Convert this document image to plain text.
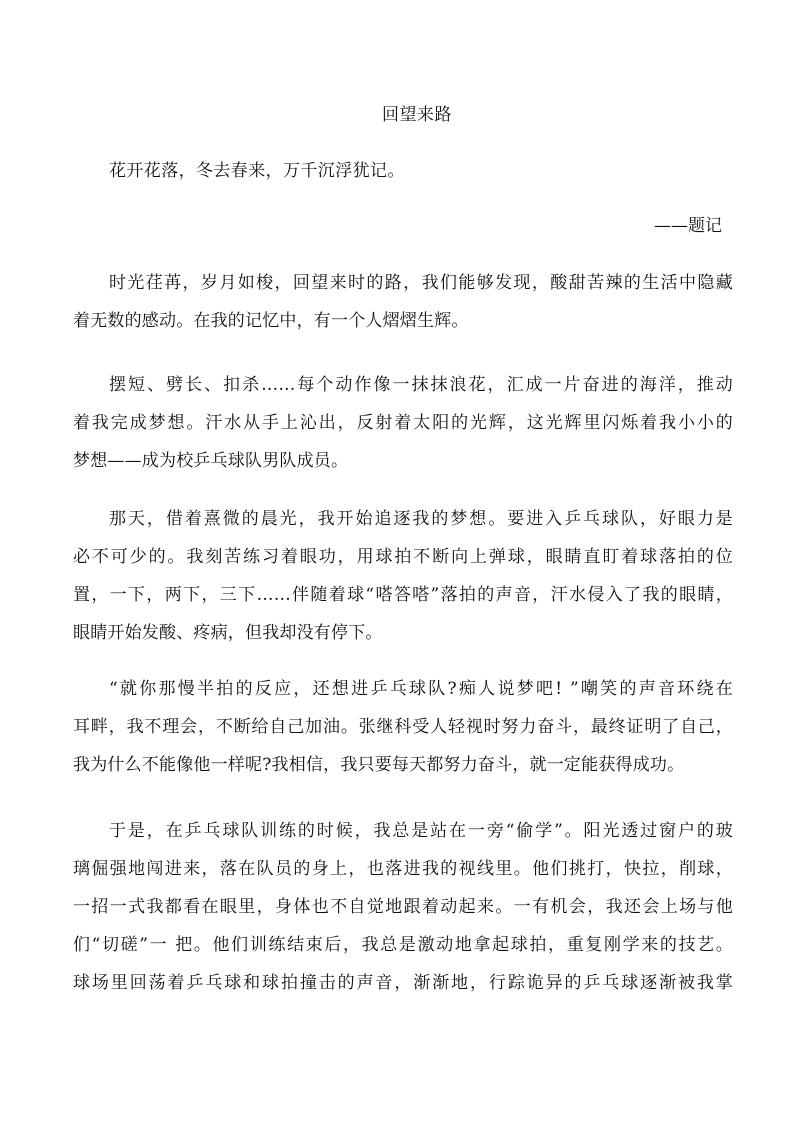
回望来路
花开花落，冬去春来，万千沉浮犹记。
——题记
时光荏苒，岁月如梭，回望来时的路，我们能够发现，酸甜苦辣的生活中隐藏
着无数的感动。在我的记忆中，有一个人熠熠生辉。
摆短、劈长、扣杀……每个动作像一抹抹浪花，汇成一片奋进的海洋，推动
着我完成梦想。汗水从手上沁出，反射着太阳的光辉，这光辉里闪烁着我小小的
梦想——成为校乒乓球队男队成员。
那天，借着熹微的晨光，我开始追逐我的梦想。要进入乒乓球队，好眼力是
必不可少的。我刻苦练习着眼功，用球拍不断向上弹球，眼睛直盯着球落拍的位
置，一下，两下，三下……伴随着球“嗒答嗒”落拍的声音，汗水侵入了我的眼睛，
眼睛开始发酸、疼病，但我却没有停下。
“就你那慢半拍的反应，还想进乒乓球队?痴人说梦吧! ”嘲笑的声音环绕在
耳畔，我不理会，不断给自己加油。张继科受人轻视时努力奋斗，最终证明了自己，
我为什么不能像他一样呢?我相信，我只要每天都努力奋斗，就一定能获得成功。
于是，在乒乓球队训练的时候，我总是站在一旁“偷学”。阳光透过窗户的玻
璃倔强地闯进来，落在队员的身上，也落进我的视线里。他们挑打，快拉，削球，
一招一式我都看在眼里，身体也不自觉地跟着动起来。一有机会，我还会上场与他
们“切磋”一 把。他们训练结束后，我总是激动地拿起球拍，重复刚学来的技艺。
球场里回荡着乒乓球和球拍撞击的声音，渐渐地，行踪诡异的乒乓球逐渐被我掌
